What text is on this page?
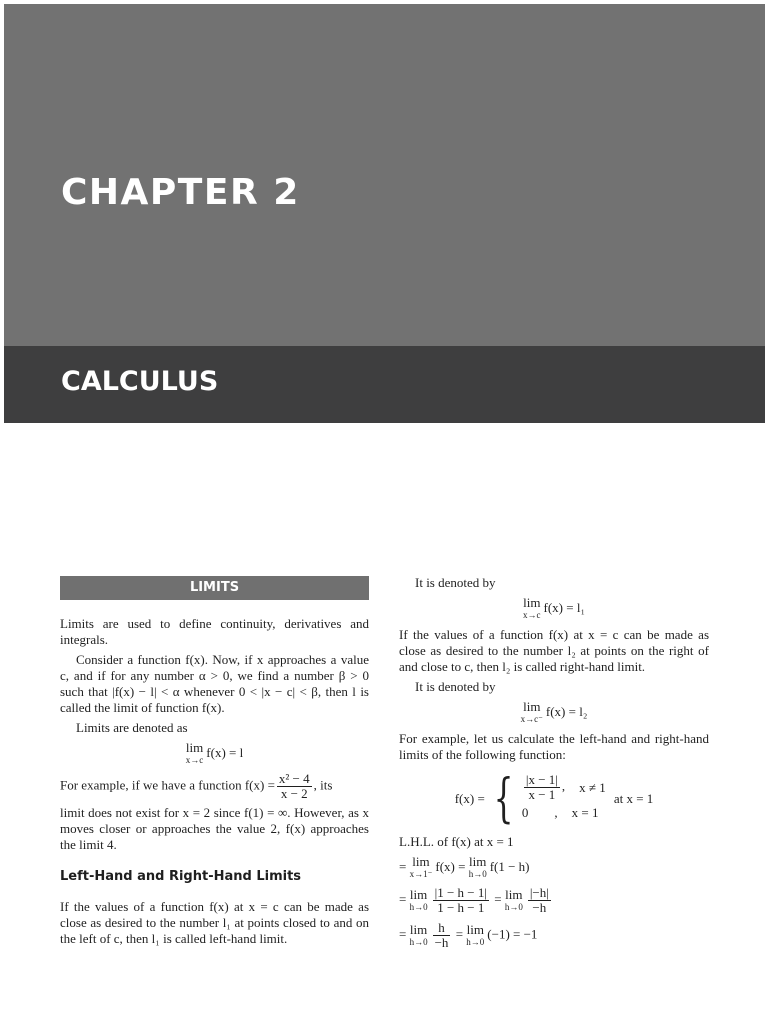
CHAPTER 2
CALCULUS
LIMITS

Limits are used to define continuity, derivatives and integrals.

Consider a function f(x). Now, if x approaches a value c, and if for any number α > 0, we find a number β > 0 such that |f(x) − l| < α whenever 0 < |x − c| < β, then l is called the limit of function f(x).

Limits are denoted as

lim
x→c
f(x) = l

For example, if we have a function $f(x) = \frac{\text{x² − 4}}{x - 2}$ , its

limit does not exist for x = 2 since f(1) = ∞. However, as x moves closer or approaches the value 2, f(x) approaches the limit 4.

Left-Hand and Right-Hand Limits

If the values of a function f(x) at x = c can be made as close as desired to the number l₁ at points closed to and on the left of c, then l₁ is called left-hand limit.

It is denoted by

lim
x→c
f(x) = l₁

If the values of a function f(x) at x = c can be made as close as desired to the number l₂ at points on the right of and close to c, then l₂ is called right-hand limit.

It is denoted by

lim
x→c⁻
f(x) = l₂

For example, let us calculate the left-hand and right-hand limits of the following function:

f(x) = { $\frac{|x - 1|}{x - 1}$ , x ≠ 1
0 , x = 1
at x = 1

L.H.L. of f(x) at x = 1

= lim
x→1⁻
f(x) = lim
h→0
f(1 − h)
= lim
$h\to 0 \frac{|1 - h - 1|}{1 - h - 1} = \lim$
$h\to 0 \frac{|-h|}{-h}$
= lim
$h\to 0 \frac{h}{-h} = \lim$
h→0
(−1) = −1
